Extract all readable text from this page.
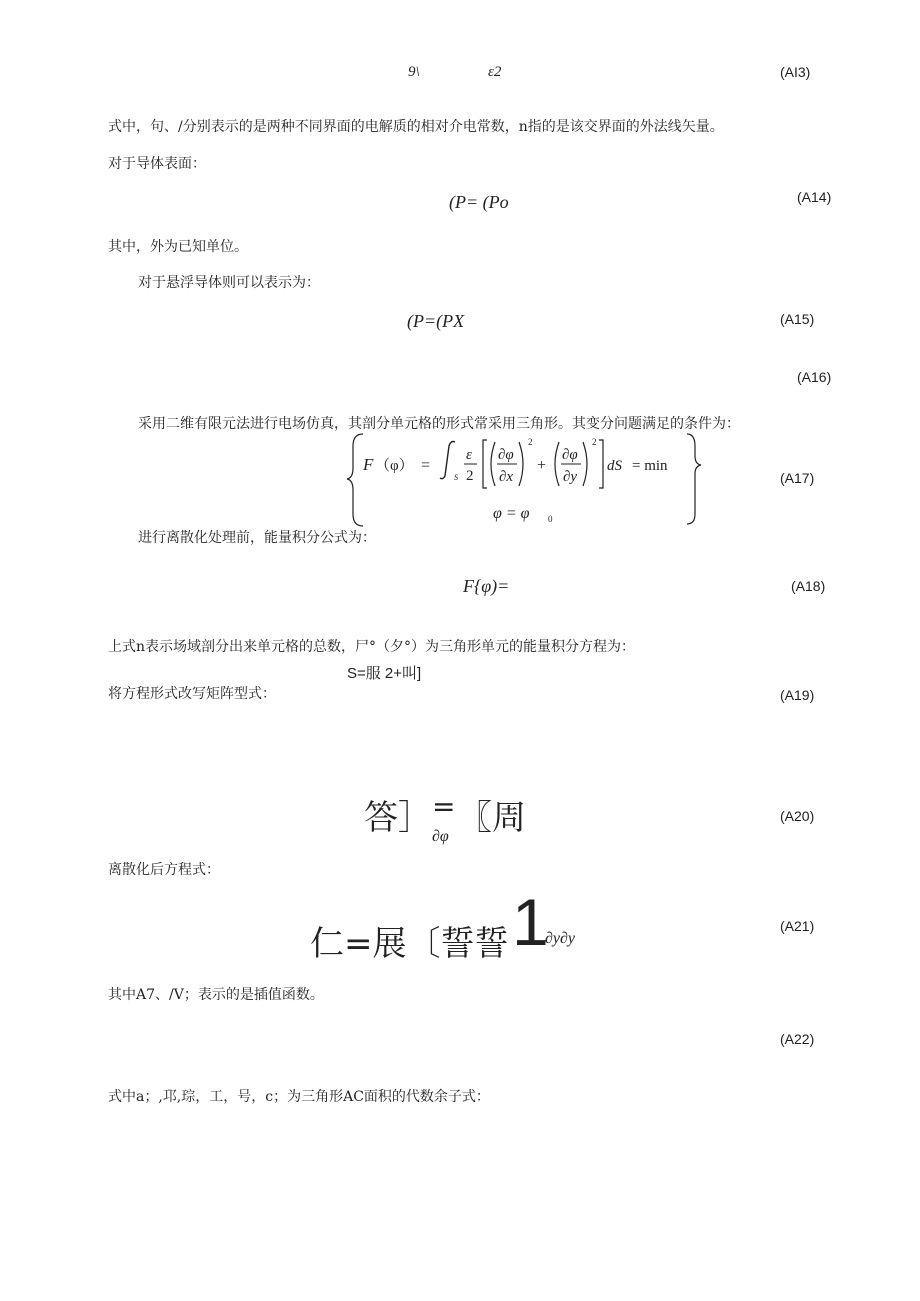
9\	ε2	(AI3)
式中，句、/分别表示的是两种不同界面的电解质的相对介电常数，n指的是该交界面的外法线矢量。
对于导体表面：
(P= (Po	(A14)
其中，外为已知单位。
对于悬浮导体则可以表示为：
(P=(PX	(A15)
(A16)
采用二维有限元法进行电场仿真，其剖分单元格的形式常采用三角形。其变分问题满足的条件为：
F （φ） =
S
ε
2
∂φ
∂x
2
+
∂φ
∂y
2
dS = min
φ = φ 0
(A17)
进行离散化处理前，能量积分公式为：
F{φ)=	(A18)
上式n表示场域剖分出来单元格的总数，尸°（夕°）为三角形单元的能量积分方程为：
S=服 2+叫]
将方程形式改写矩阵型式：	(A19)
答］ =
∂φ 〖周	(A20)
离散化后方程式：
仁=展〔誓誓 1
∂y∂y
(A21)
其中A7、/V；表示的是插值函数。
(A22)
式中a；,邛,琮，工，号，c；为三角形AC面积的代数余子式：
